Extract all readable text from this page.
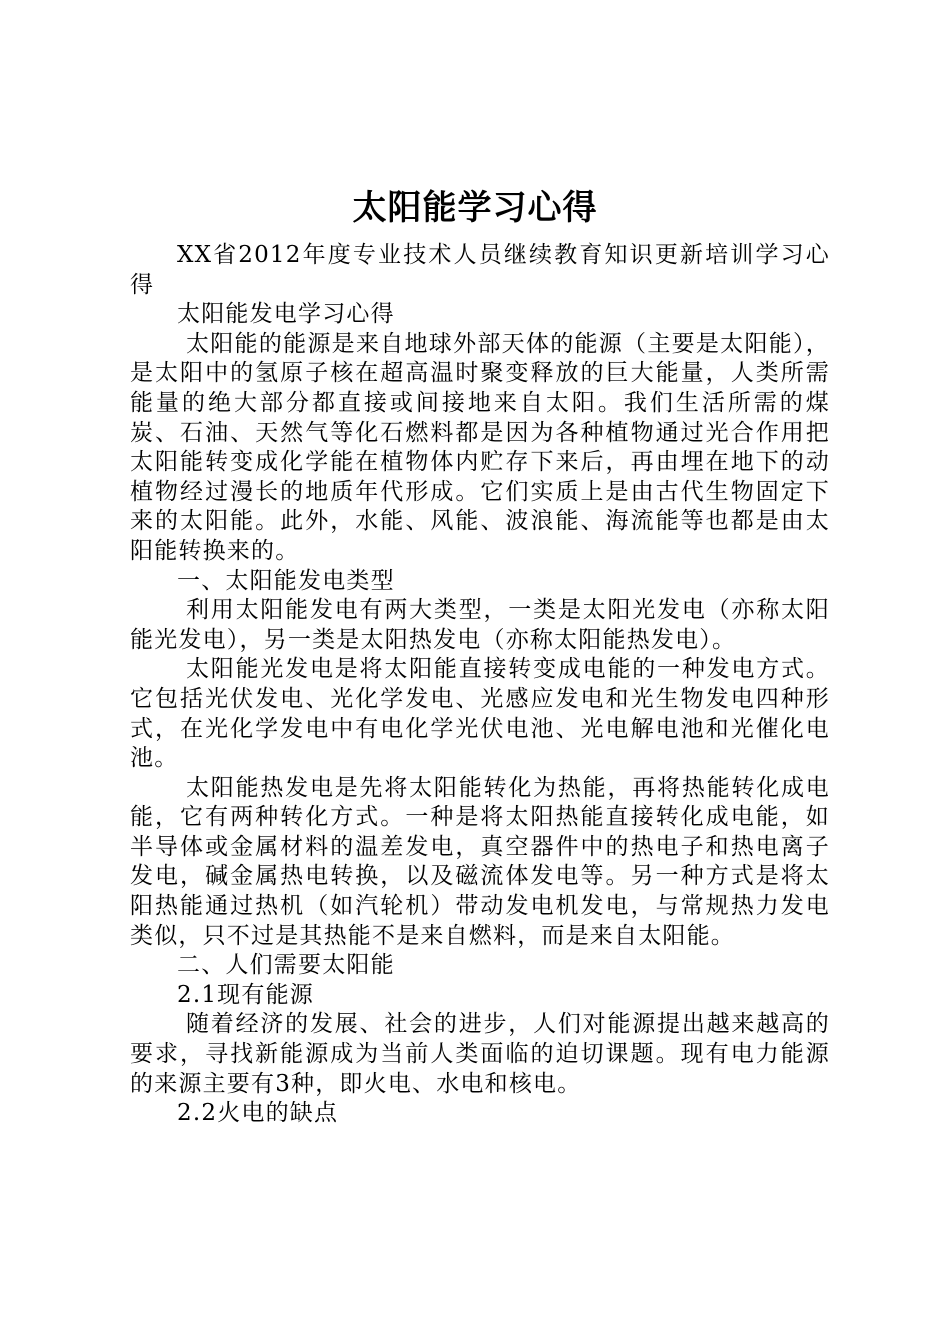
太阳能学习心得

XX省2012年度专业技术人员继续教育知识更新培训学习心得

太阳能发电学习心得

太阳能的能源是来自地球外部天体的能源（主要是太阳能），是太阳中的氢原子核在超高温时聚变释放的巨大能量，人类所需能量的绝大部分都直接或间接地来自太阳。我们生活所需的煤炭、石油、天然气等化石燃料都是因为各种植物通过光合作用把太阳能转变成化学能在植物体内贮存下来后，再由埋在地下的动植物经过漫长的地质年代形成。它们实质上是由古代生物固定下来的太阳能。此外，水能、风能、波浪能、海流能等也都是由太阳能转换来的。

一、太阳能发电类型

利用太阳能发电有两大类型，一类是太阳光发电（亦称太阳能光发电），另一类是太阳热发电（亦称太阳能热发电）。

太阳能光发电是将太阳能直接转变成电能的一种发电方式。它包括光伏发电、光化学发电、光感应发电和光生物发电四种形式，在光化学发电中有电化学光伏电池、光电解电池和光催化电池。

太阳能热发电是先将太阳能转化为热能，再将热能转化成电能，它有两种转化方式。一种是将太阳热能直接转化成电能，如半导体或金属材料的温差发电，真空器件中的热电子和热电离子发电，碱金属热电转换，以及磁流体发电等。另一种方式是将太阳热能通过热机（如汽轮机）带动发电机发电，与常规热力发电类似，只不过是其热能不是来自燃料，而是来自太阳能。

二、人们需要太阳能

2.1现有能源

随着经济的发展、社会的进步，人们对能源提出越来越高的要求，寻找新能源成为当前人类面临的迫切课题。现有电力能源的来源主要有3种，即火电、水电和核电。

2.2火电的缺点
